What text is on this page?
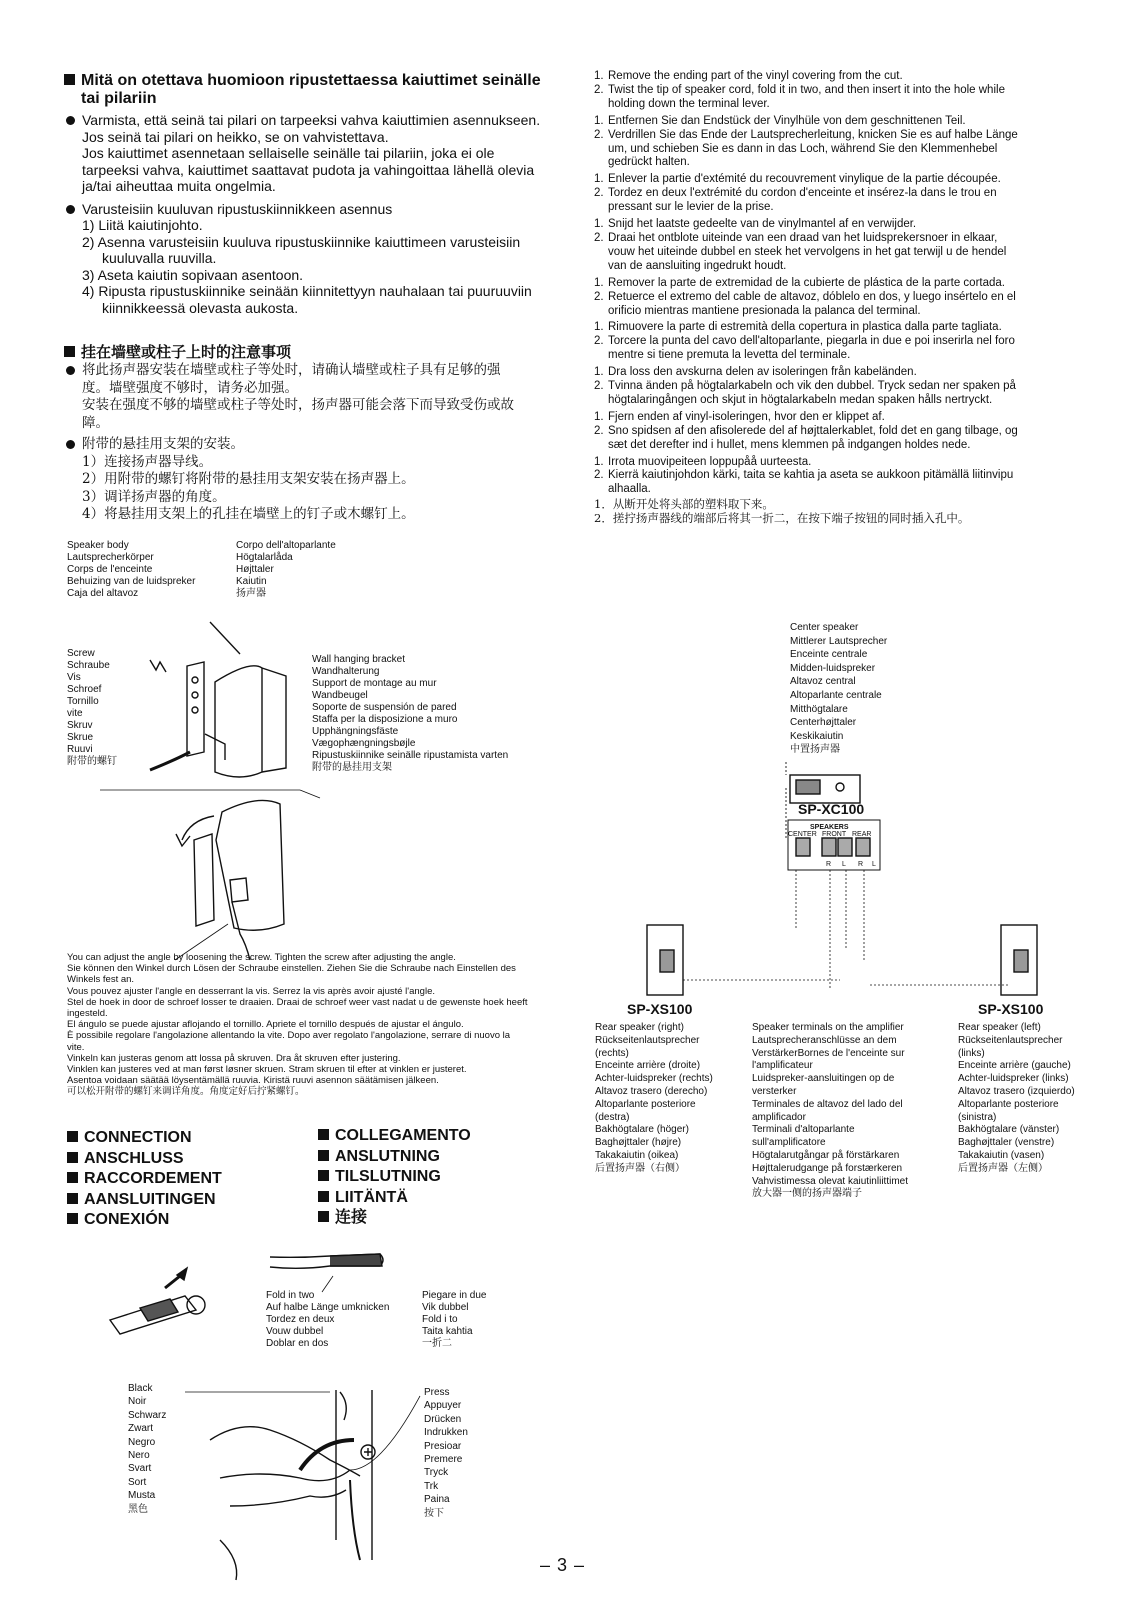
Mitä on otettava huomioon ripustettaessa kaiuttimet seinälle
tai pilariin
Varmista, että seinä tai pilari on tarpeeksi vahva kaiuttimien asennukseen.
Jos seinä tai pilari on heikko, se on vahvistettava.
Jos kaiuttimet asennetaan sellaiselle seinälle tai pilariin, joka ei ole
tarpeeksi vahva, kaiuttimet saattavat pudota ja vahingoittaa lähellä olevia
ja/tai aiheuttaa muita ongelmia.
Varusteisiin kuuluvan ripustuskiinnikkeen asennus
1) Liitä kaiutinjohto.
2) Asenna varusteisiin kuuluva ripustuskiinnike kaiuttimeen varusteisiin
kuuluvalla ruuvilla.
3) Aseta kaiutin sopivaan asentoon.
4) Ripusta ripustuskiinnike seinään kiinnitettyyn nauhalaan tai puuruuviin
kiinnikkeessä olevasta aukosta.
挂在墙壁或柱子上时的注意事项
将此扬声器安装在墙壁或柱子等处时，请确认墙壁或柱子具有足够的强
度。墙壁强度不够时，请务必加强。
安装在强度不够的墙壁或柱子等处时，扬声器可能会落下而导致受伤或故
障。
附带的悬挂用支架的安装。
1）连接扬声器导线。
2）用附带的螺钉将附带的悬挂用支架安装在扬声器上。
3）调详扬声器的角度。
4）将悬挂用支架上的孔挂在墙壁上的钉子或木螺钉上。
1. Remove the ending part of the vinyl covering from the cut.
2. Twist the tip of speaker cord, fold it in two, and then insert it into the hole while
holding down the terminal lever.
1. Entfernen Sie dan Endstück der Vinylhüle von dem geschnittenen Teil.
2. Verdrillen Sie das Ende der Lautsprecherleitung, knicken Sie es auf halbe Länge
um, und schieben Sie es dann in das Loch, während Sie den Klemmenhebel
gedrückt halten.
1. Enlever la partie d'extémité du recouvrement vinylique de la partie découpée.
2. Tordez en deux l'extrémité du cordon d'enceinte et insérez-la dans le trou en
pressant sur le levier de la prise.
1. Snijd het laatste gedeelte van de vinylmantel af en verwijder.
2. Draai het ontblote uiteinde van een draad van het luidsprekersnoer in elkaar,
vouw het uiteinde dubbel en steek het vervolgens in het gat terwijl u de hendel
van de aansluiting ingedrukt houdt.
1. Remover la parte de extremidad de la cubierte de plástica de la parte cortada.
2. Retuerce el extremo del cable de altavoz, dóblelo en dos, y luego insértelo en el
orificio mientras mantiene presionada la palanca del terminal.
1. Rimuovere la parte di estremità della copertura in plastica dalla parte tagliata.
2. Torcere la punta del cavo dell'altoparlante, piegarla in due e poi inserirla nel foro
mentre si tiene premuta la levetta del terminale.
1. Dra loss den avskurna delen av isoleringen från kabeländen.
2. Tvinna änden på högtalarkabeln och vik den dubbel. Tryck sedan ner spaken på
högtalaringången och skjut in högtalarkabeln medan spaken hålls nertryckt.
1. Fjern enden af vinyl-isoleringen, hvor den er klippet af.
2. Sno spidsen af den afisolerede del af højttalerkablet, fold det en gang tilbage, og
sæt det derefter ind i hullet, mens klemmen på indgangen holdes nede.
1. Irrota muovipeiteen loppupåå uurteesta.
2. Kierrä kaiutinjohdon kärki, taita se kahtia ja aseta se aukkoon pitämällä liitinvipu
alhaalla.
1．从断开处将头部的塑料取下来。
2．搓拧扬声器线的端部后将其一折二，在按下端子按钮的同时插入孔中。
Speaker body
Lautsprecherkörper
Corps de l'enceinte
Behuizing van de luidspreker
Caja del altavoz
Corpo dell'altoparlante
Högtalarlåda
Højttaler
Kaiutin
扬声器
Screw
Schraube
Vis
Schroef
Tornillo
vite
Skruv
Skrue
Ruuvi
附带的螺钉
Wall hanging bracket
Wandhalterung
Support de montage au mur
Wandbeugel
Soporte de suspensión de pared
Staffa per la disposizione a muro
Upphängningsfäste
Vægophængningsbøjle
Ripustuskiinnike seinälle ripustamista varten
附带的悬挂用支架
You can adjust the angle by loosening the screw. Tighten the screw after adjusting the angle.
Sie können den Winkel durch Lösen der Schraube einstellen. Ziehen Sie die Schraube nach Einstellen des
Winkels fest an.
Vous pouvez ajuster l'angle en desserrant la vis. Serrez la vis après avoir ajusté l'angle.
Stel de hoek in door de schroef losser te draaien. Draai de schroef weer vast nadat u de gewenste hoek heeft
ingesteld.
El ángulo se puede ajustar aflojando el tornillo. Apriete el tornillo después de ajustar el ángulo.
È possibile regolare l'angolazione allentando la vite. Dopo aver regolato l'angolazione, serrare di nuovo la
vite.
Vinkeln kan justeras genom att lossa på skruven. Dra åt skruven efter justering.
Vinklen kan justeres ved at man først løsner skruen. Stram skruen til efter at vinklen er justeret.
Asentoa voidaan säätää löysentämällä ruuvia. Kiristä ruuvi asennon säätämisen jälkeen.
可以松开附带的螺钉来调详角度。角度定好后拧紧螺钉。
CONNECTION
ANSCHLUSS
RACCORDEMENT
AANSLUITINGEN
CONEXIÓN
COLLEGAMENTO
ANSLUTNING
TILSLUTNING
LIITÄNTÄ
连接
Fold in two
Auf halbe Länge umknicken
Tordez en deux
Vouw dubbel
Doblar en dos
Piegare in due
Vik dubbel
Fold i to
Taita kahtia
一折二
Black
Noir
Schwarz
Zwart
Negro
Nero
Svart
Sort
Musta
黑色
Press
Appuyer
Drücken
Indrukken
Presioar
Premere
Tryck
Trk
Paina
按下
Center speaker
Mittlerer Lautsprecher
Enceinte centrale
Midden-luidspreker
Altavoz central
Altoparlante centrale
Mitthögtalare
Centerhøjttaler
Keskikaiutin
中置扬声器
SP-XC100
SP-XS100	SP-XS100
Rear speaker (right)
Rückseitenlautsprecher
(rechts)
Enceinte arrière (droite)
Achter-luidspreker (rechts)
Altavoz trasero (derecho)
Altoparlante posteriore
(destra)
Bakhögtalare (höger)
Baghøjttaler (højre)
Takakaiutin (oikea)
后置扬声器（右侧）
Speaker terminals on the amplifier
Lautsprecheranschlüsse an dem
VerstärkerBornes de l'enceinte sur
l'amplificateur
Luidspreker-aansluitingen op de
versterker
Terminales de altavoz del lado del
amplificador
Terminali d'altoparlante
sull'amplificatore
Högtalarutgångar på förstärkaren
Højttalerudgange på forstærkeren
Vahvistimessa olevat kaiutinliittimet
放大器一侧的扬声器端子
Rear speaker (left)
Rückseitenlautsprecher
(links)
Enceinte arrière (gauche)
Achter-luidspreker (links)
Altavoz trasero (izquierdo)
Altoparlante posteriore
(sinistra)
Bakhögtalare (vänster)
Baghøjttaler (venstre)
Takakaiutin (vasen)
后置扬声器（左侧）
– 3 –
SPEAKERS
CENTER FRONT REAR
R L R L
